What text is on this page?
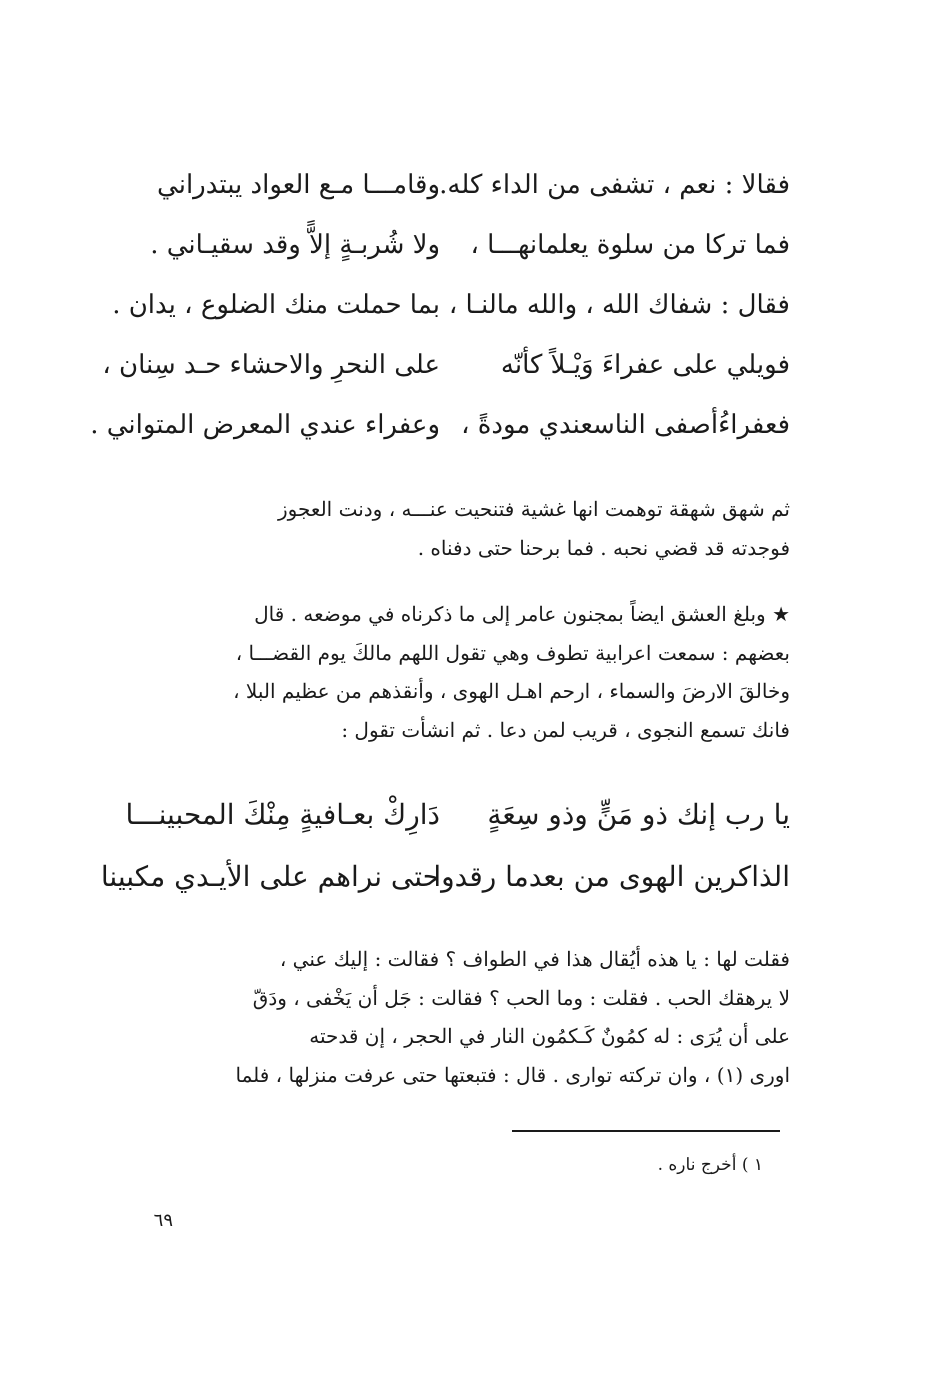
فقالا : نعم ، تشفى من الداء كله.
وقامـــا مـع العواد يبتدراني
فما تركا من سلوة يعلمانهـــا ،
ولا شُربـةٍ إلاًّ وقد سقيـاني .
فقال : شفاك الله ، والله مالنـا ،
بما حملت منك الضلوع ، يدان .
فويلي على عفراءَ وَيْـلاً كأنّه
على النحرِ والاحشاء حـد سِنان ،
فعفراءُأصفى الناسعندي مودةً ،
وعفراء عندي المعرض المتواني .

ثم شهق شهقة توهمت انها غشية فتنحيت عنـــه ، ودنت العجوز

فوجدته قد قضي نحبه . فما برحنا حتى دفناه .

★ وبلغ العشق ايضاً بمجنون عامر إلى ما ذكرناه في موضعه . قال

بعضهم : سمعت اعرابية تطوف وهي تقول اللهم مالكَ يوم القضـــا ،

وخالقَ الارضَ والسماء ، ارحم اهـل الهوى ، وأنقذهم من عظيم البلا ،

فانك تسمع النجوى ، قريب لمن دعا . ثم انشأت تقول :

يا رب إنك ذو مَنٍّ وذو سِعَةٍ
دَارِكْ بعـافيةٍ مِنْكَ المحبينـــا
الذاكرين الهوى من بعدما رقدوا
حتى نراهم على الأيـدي مكبينا

فقلت لها : يا هذه أيُقال هذا في الطواف ؟ فقالت : إليك عني ،

لا يرهقك الحب . فقلت : وما الحب ؟ فقالت : جَل أن يَخْفى ، ودَقّ

على أن يُرَى : له كمُونٌ كَـكمُون النار في الحجر ، إن قدحته

اورى (١) ، وان تركته توارى . قال : فتبعتها حتى عرفت منزلها ، فلما

١ ) أخرج ناره .
٦٩
